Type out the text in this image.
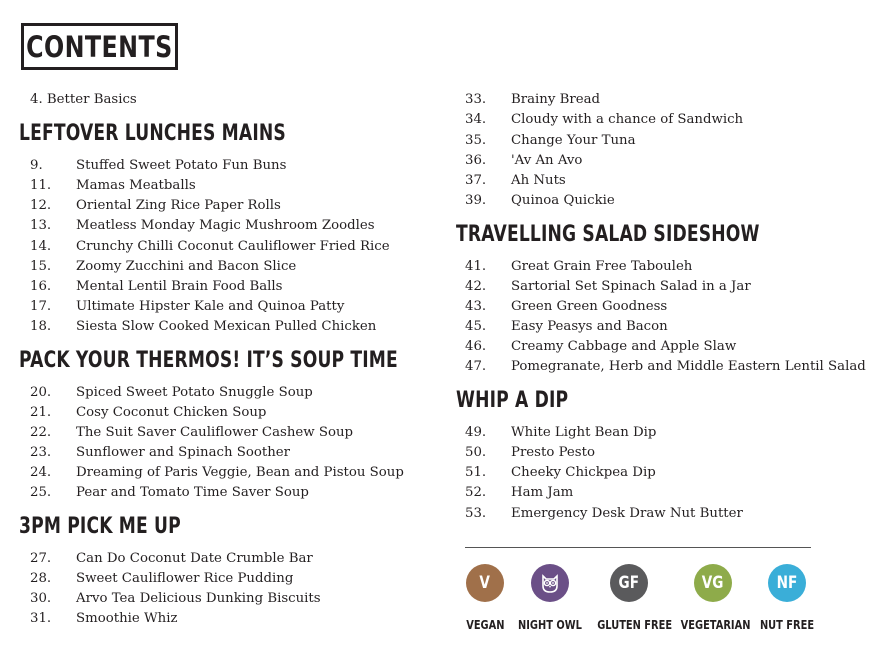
CONTENTS
4. Better Basics
LEFTOVER LUNCHES MAINS
9.	Stuffed Sweet Potato Fun Buns
11.	Mamas Meatballs
12.	Oriental Zing Rice Paper Rolls
13.	Meatless Monday Magic Mushroom Zoodles
14.	Crunchy Chilli Coconut Cauliflower Fried Rice
15.	Zoomy Zucchini and Bacon Slice
16.	Mental Lentil Brain Food Balls
17.	Ultimate Hipster Kale and Quinoa Patty
18.	Siesta Slow Cooked Mexican Pulled Chicken
PACK YOUR THERMOS! IT’S SOUP TIME
20.	Spiced Sweet Potato Snuggle Soup
21.	Cosy Coconut Chicken Soup
22.	The Suit Saver Cauliflower Cashew Soup
23.	Sunflower and Spinach Soother
24.	Dreaming of Paris Veggie, Bean and Pistou Soup
25.	Pear and Tomato Time Saver Soup
3PM PICK ME UP
27.	Can Do Coconut Date Crumble Bar
28.	Sweet Cauliflower Rice Pudding
30.	Arvo Tea Delicious Dunking Biscuits
31.	Smoothie Whiz
33.	Brainy Bread
34.	Cloudy with a chance of Sandwich
35.	Change Your Tuna
36.	'Av An Avo
37.	Ah Nuts
39.	Quinoa Quickie
TRAVELLING SALAD SIDESHOW
41.	Great Grain Free Tabouleh
42.	Sartorial Set Spinach Salad in a Jar
43.	Green Green Goodness
45.	Easy Peasys and Bacon
46.	Creamy Cabbage and Apple Slaw
47.	Pomegranate, Herb and Middle Eastern Lentil Salad
WHIP A DIP
49.	White Light Bean Dip
50.	Presto Pesto
51.	Cheeky Chickpea Dip
52.	Ham Jam
53.	Emergency Desk Draw Nut Butter
V
VEGAN	NIGHT OWL
GF
GLUTEN FREE
VG
VEGETARIAN
NF
NUT FREE
